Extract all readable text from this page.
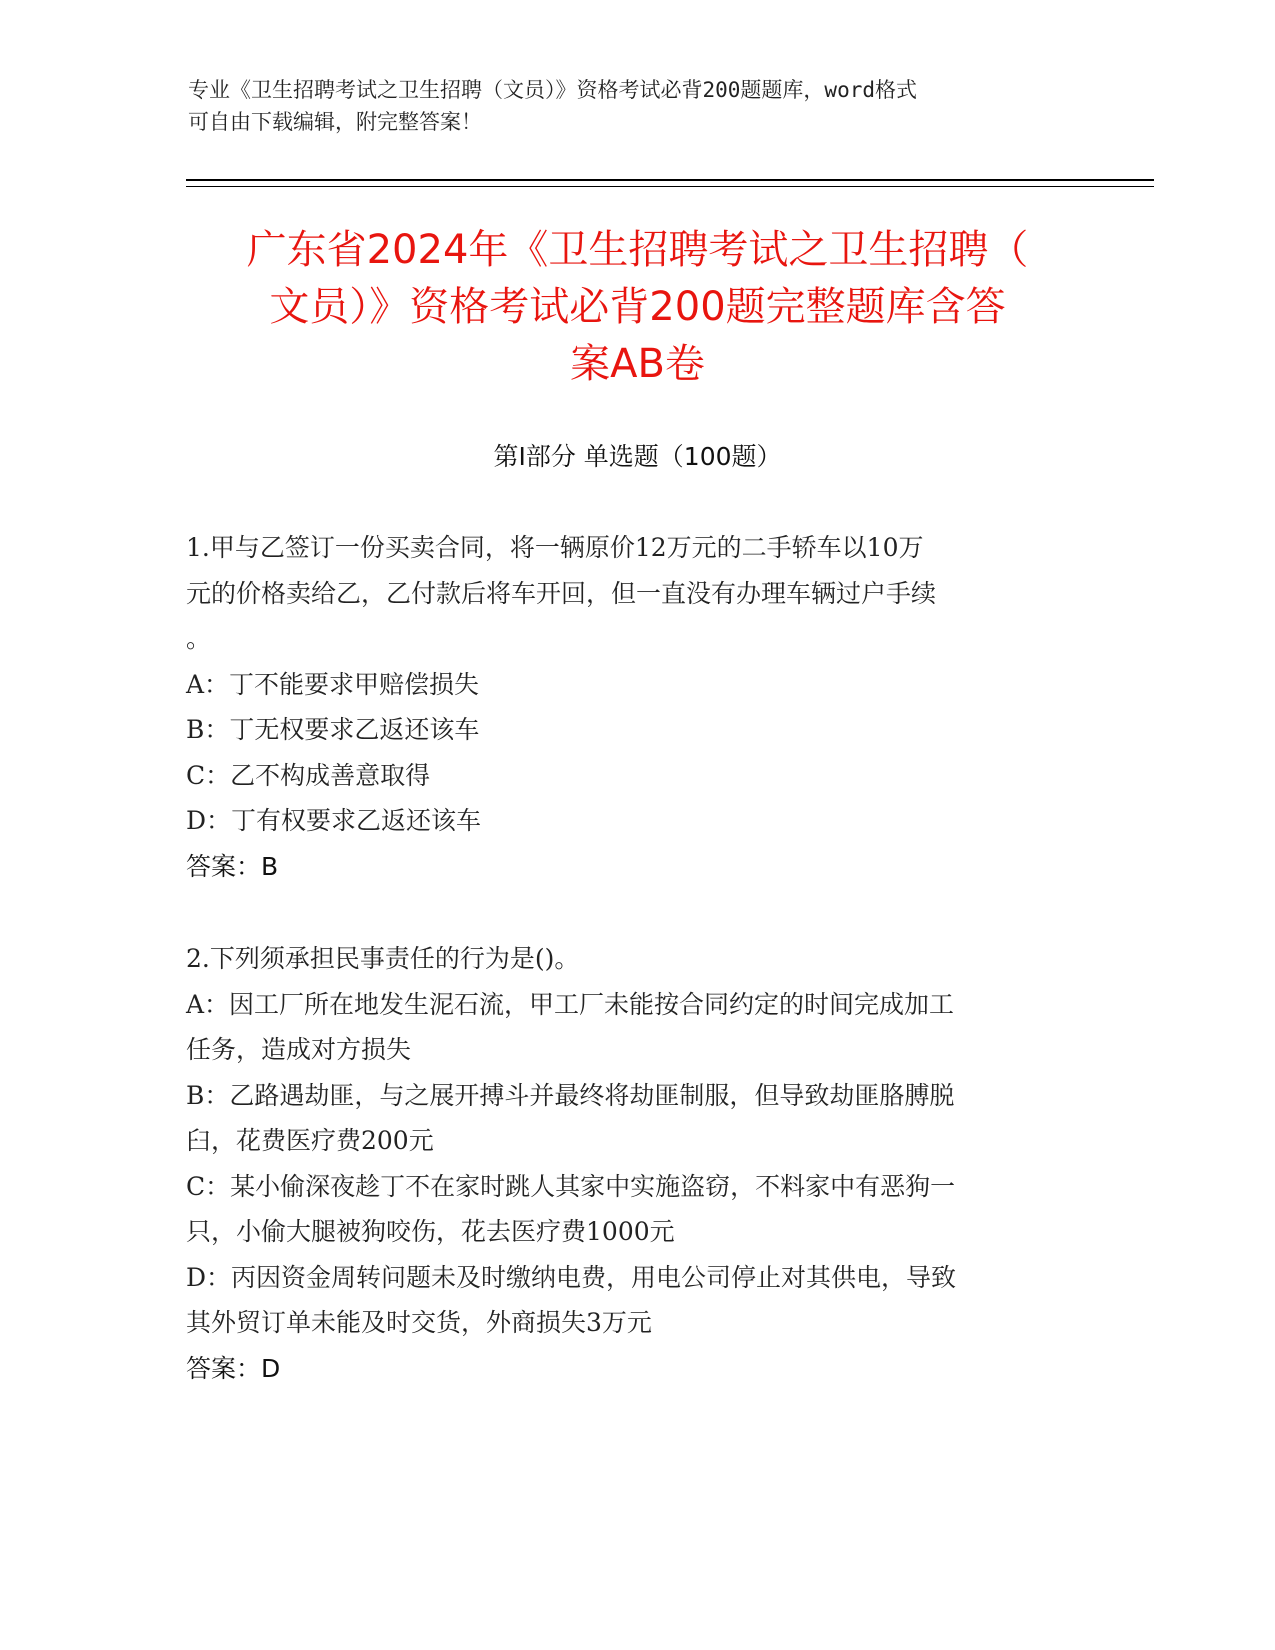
专业《卫生招聘考试之卫生招聘（文员）》资格考试必背200题题库，word格式
可自由下载编辑，附完整答案！
广东省2024年《卫生招聘考试之卫生招聘（
文员）》资格考试必背200题完整题库含答
案AB卷
第I部分 单选题（100题）
1.甲与乙签订一份买卖合同，将一辆原价12万元的二手轿车以10万
元的价格卖给乙，乙付款后将车开回，但一直没有办理车辆过户手续
。
A：丁不能要求甲赔偿损失
B：丁无权要求乙返还该车
C：乙不构成善意取得
D：丁有权要求乙返还该车
答案：B
2.下列须承担民事责任的行为是()。
A：因工厂所在地发生泥石流，甲工厂未能按合同约定的时间完成加工
任务，造成对方损失
B：乙路遇劫匪，与之展开搏斗并最终将劫匪制服，但导致劫匪胳膊脱
臼，花费医疗费200元
C：某小偷深夜趁丁不在家时跳人其家中实施盗窃，不料家中有恶狗一
只，小偷大腿被狗咬伤，花去医疗费1000元
D：丙因资金周转问题未及时缴纳电费，用电公司停止对其供电，导致
其外贸订单未能及时交货，外商损失3万元
答案：D
